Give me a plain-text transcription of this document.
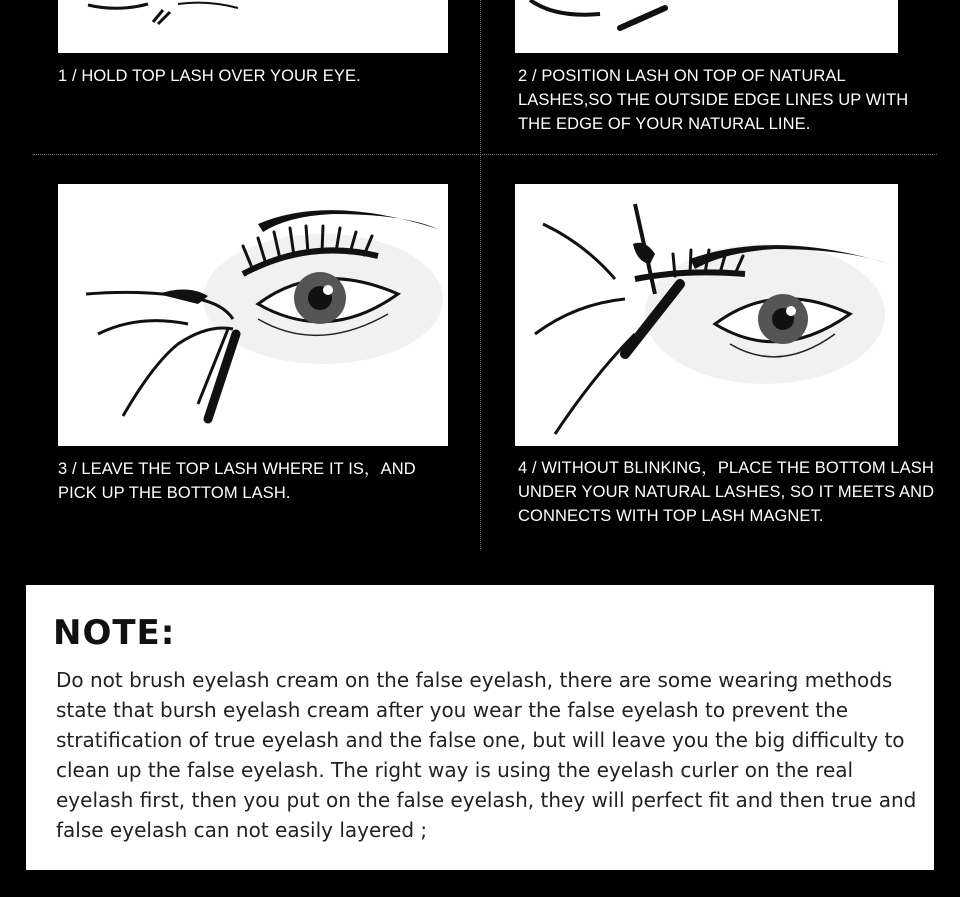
1 / HOLD TOP LASH OVER YOUR EYE.	2 / POSITION LASH ON TOP OF NATURAL LASHES,SO THE OUTSIDE EDGE LINES UP WITH THE EDGE OF YOUR NATURAL LINE.

3 / LEAVE THE TOP LASH WHERE IT IS，AND PICK UP THE BOTTOM LASH.

4 / WITHOUT BLINKING，PLACE THE BOTTOM LASH UNDER YOUR NATURAL LASHES, SO IT MEETS AND CONNECTS WITH TOP LASH MAGNET.

NOTE:

Do not brush eyelash cream on the false eyelash, there are some wearing methods state that bursh eyelash cream after you wear the false eyelash to prevent the stratification of true eyelash and the false one, but will leave you the big difficulty to clean up the false eyelash. The right way is using the eyelash curler on the real eyelash first, then you put on the false eyelash, they will perfect fit and then true and false eyelash can not easily layered ;
